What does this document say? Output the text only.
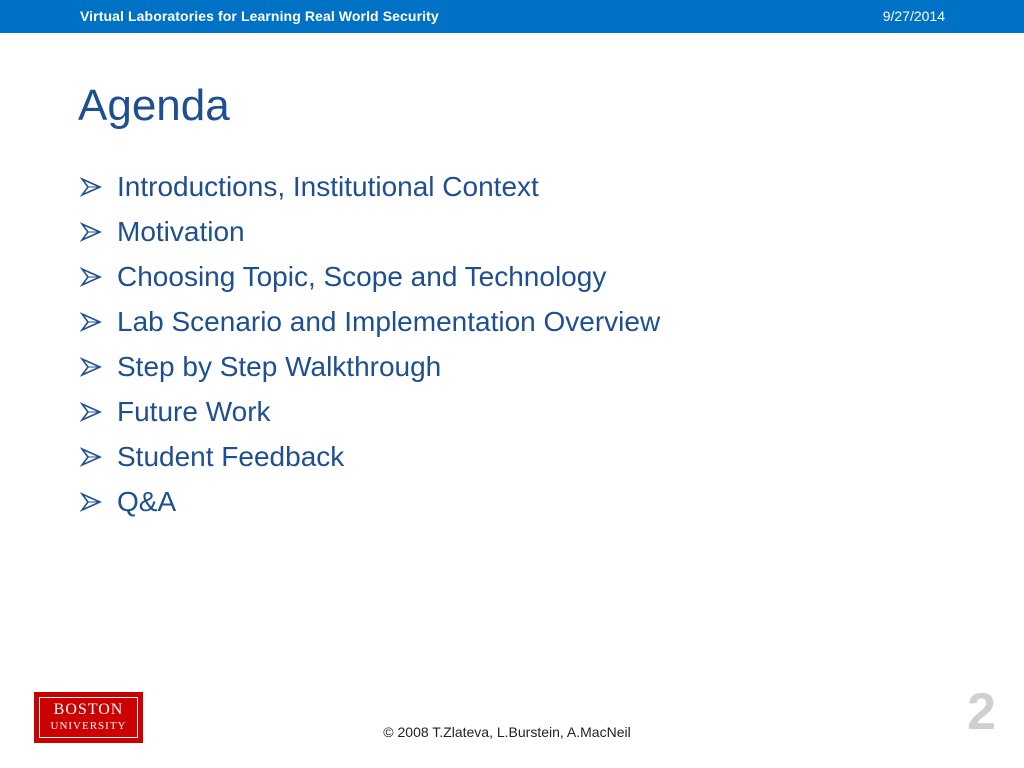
Virtual Laboratories for Learning Real World Security	9/27/2014
Agenda
Introductions, Institutional Context
Motivation
Choosing Topic, Scope and Technology
Lab Scenario and Implementation Overview
Step by Step Walkthrough
Future Work
Student Feedback
Q&A
BOSTON
UNIVERSITY	© 2008 T.Zlateva, L.Burstein, A.MacNeil	2
